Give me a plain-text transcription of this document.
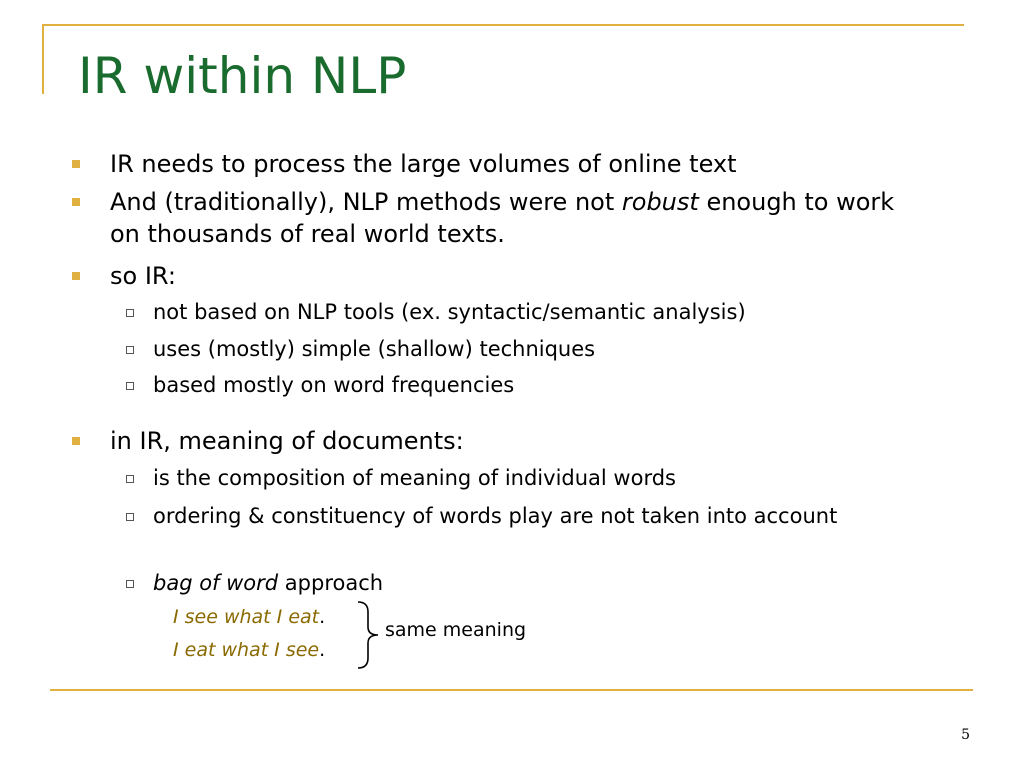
IR within NLP

IR needs to process the large volumes of online text

And (traditionally), NLP methods were not robust enough to work on thousands of real world texts.

so IR:

not based on NLP tools (ex. syntactic/semantic analysis)

uses (mostly) simple (shallow) techniques

based mostly on word frequencies

in IR, meaning of documents:

is the composition of meaning of individual words

ordering & constituency of words play are not taken into account

bag of word approach

I see what I eat.
I eat what I see.
same meaning
5
